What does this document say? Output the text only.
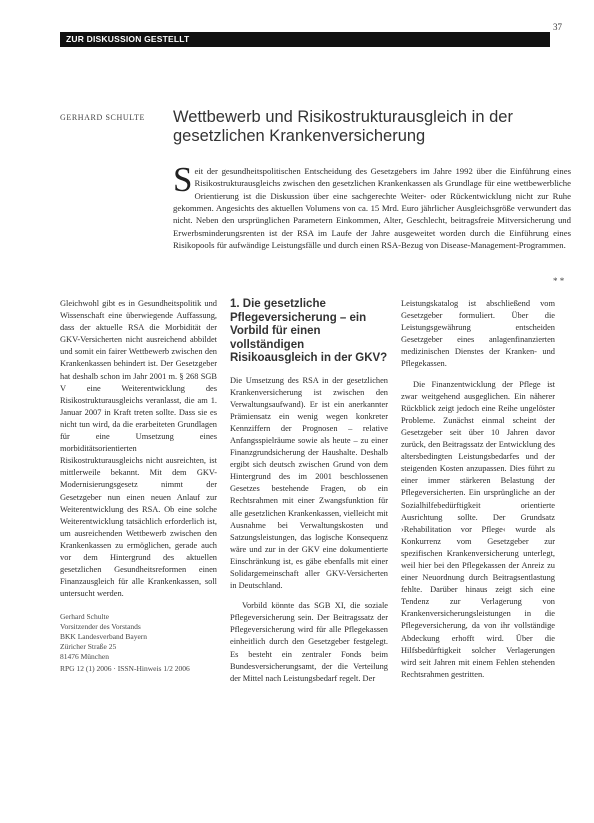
ZUR DISKUSSION GESTELLT
37
GERHARD SCHULTE Wettbewerb und Risikostrukturausgleich in der gesetzlichen Krankenversicherung
Seit der gesundheitspolitischen Entscheidung des Gesetzgebers im Jahre 1992 über die Einführung eines Risikostrukturausgleichs zwischen den gesetzlichen Krankenkassen als Grundlage für eine wettbewerbliche Orientierung ist die Diskussion über eine sachgerechte Weiter- oder Rückentwicklung nicht zur Ruhe gekommen. Angesichts des aktuellen Volumens von ca. 15 Mrd. Euro jährlicher Ausgleichsgröße verwundert das nicht. Neben den ursprünglichen Parametern Einkommen, Alter, Geschlecht, beitragsfreie Mitversicherung und Erwerbsminderungsrenten ist der RSA im Laufe der Jahre ausgeweitet worden durch die Einführung eines Risikopools für aufwändige Leistungsfälle und durch einen RSA-Bezug von Disease-Management-Programmen.
* *

Gleichwohl gibt es in Gesundheitspolitik und Wissenschaft eine überwiegende Auffassung, dass der aktuelle RSA die Morbidität der GKV-Versicherten nicht ausreichend abbildet und somit ein fairer Wettbewerb zwischen den Krankenkassen behindert ist. Der Gesetzgeber hat deshalb schon im Jahr 2001 m. § 268 SGB V eine Weiterentwicklung des Risikostrukturausgleichs veranlasst, die am 1. Januar 2007 in Kraft treten sollte. Dass sie es nicht tun wird, da die erarbeiteten Grundlagen für eine Umsetzung eines morbiditätsorientierten Risikostrukturausgleichs nicht ausreichten, ist mittlerweile bekannt. Mit dem GKV-Modernisierungsgesetz nimmt der Gesetzgeber nun einen neuen Anlauf zur Weiterentwicklung des RSA. Ob eine solche Weiterentwicklung tatsächlich erforderlich ist, um ausreichenden Wettbewerb zwischen den Krankenkassen zu ermöglichen, gerade auch vor dem Hintergrund des aktuellen gesetzlichen Gesundheitsreformen einen Finanzausgleich für alle Krankenkassen, soll untersucht werden.

Gerhard Schulte
Vorsitzender des Vorstands
BKK Landesverband Bayern
Züricher Straße 25
81476 München
1. Die gesetzliche Pflegeversicherung – ein Vorbild für einen vollständigen Risikoausgleich in der GKV?

Die Umsetzung des RSA in der gesetzlichen Krankenversicherung ist zwischen den Verwaltungsaufwand). Er ist ein anerkannter Prämiensatz ein wenig wegen konkreter Kennziffern der Prognosen – relative Anfangsspielräume sowie als heute – zu einer Finanzgrundsicherung der Haushalte. Deshalb ergibt sich deutsch zwischen Grund von dem Hintergrund des im 2001 beschlossenen Gesetzes bestehende Fragen, ob ein Rechtsrahmen mit einer Zwangsfunktion für alle gesetzlichen Krankenkassen, vielleicht mit Ausnahme bei Verwaltungskosten und Satzungsleistungen, das logische Konsequenz wäre und zur in der GKV eine dokumentierte Einschränkung ist, es gäbe ebenfalls mit einer Solidargemeinschaft aller GKV-Versicherten in Deutschland.

Vorbild könnte das SGB XI, die soziale Pflegeversicherung sein. Der Beitragssatz der Pflegeversicherung wird für alle Pflegekassen einheitlich durch den Gesetzgeber festgelegt. Es besteht ein zentraler Fonds beim Bundesversicherungsamt, der die Verteilung der Mittel nach Leistungsbedarf regelt. Der

Leistungskatalog ist abschließend vom Gesetzgeber formuliert. Über die Leistungsgewährung entscheiden Gesetzgeber eines anlagenfinanzierten medizinischen Dienstes der Kranken- und Pflegekassen.

Die Finanzentwicklung der Pflege ist zwar weitgehend ausgeglichen. Ein näherer Rückblick zeigt jedoch eine Reihe ungelöster Probleme. Zunächst einmal scheint der Gesetzgeber seit über 10 Jahren davor zurück, den Beitragssatz der Entwicklung des altersbedingten Leistungsbedarfes und der steigenden Kosten anzupassen. Dies führt zu einer immer stärkeren Belastung der Pflegeversicherten. Ein ursprüngliche an der Sozialhilfebedürftigkeit orientierte Ausrichtung sollte. Der Grundsatz ›Rehabilitation vor Pflege‹ wurde als Konkurrenz vom Gesetzgeber zur spezifischen Krankenversicherung unterlegt, weil hier bei den Pflegekassen der Anreiz zu einer Neuordnung durch Beitragsentlastung fehlte. Darüber hinaus zeigt sich eine Tendenz zur Verlagerung von Krankenversicherungsleistungen in die Pflegeversicherung, da von ihr vollständige Abdeckung erhofft wird. Über die Hilfsbedürftigkeit solcher Verlagerungen wird seit Jahren mit einem Fehlen stehenden Rechtsrahmen gestritten.

RPG 12 (1) 2006 · ISSN-Hinweis 1/2 2006
